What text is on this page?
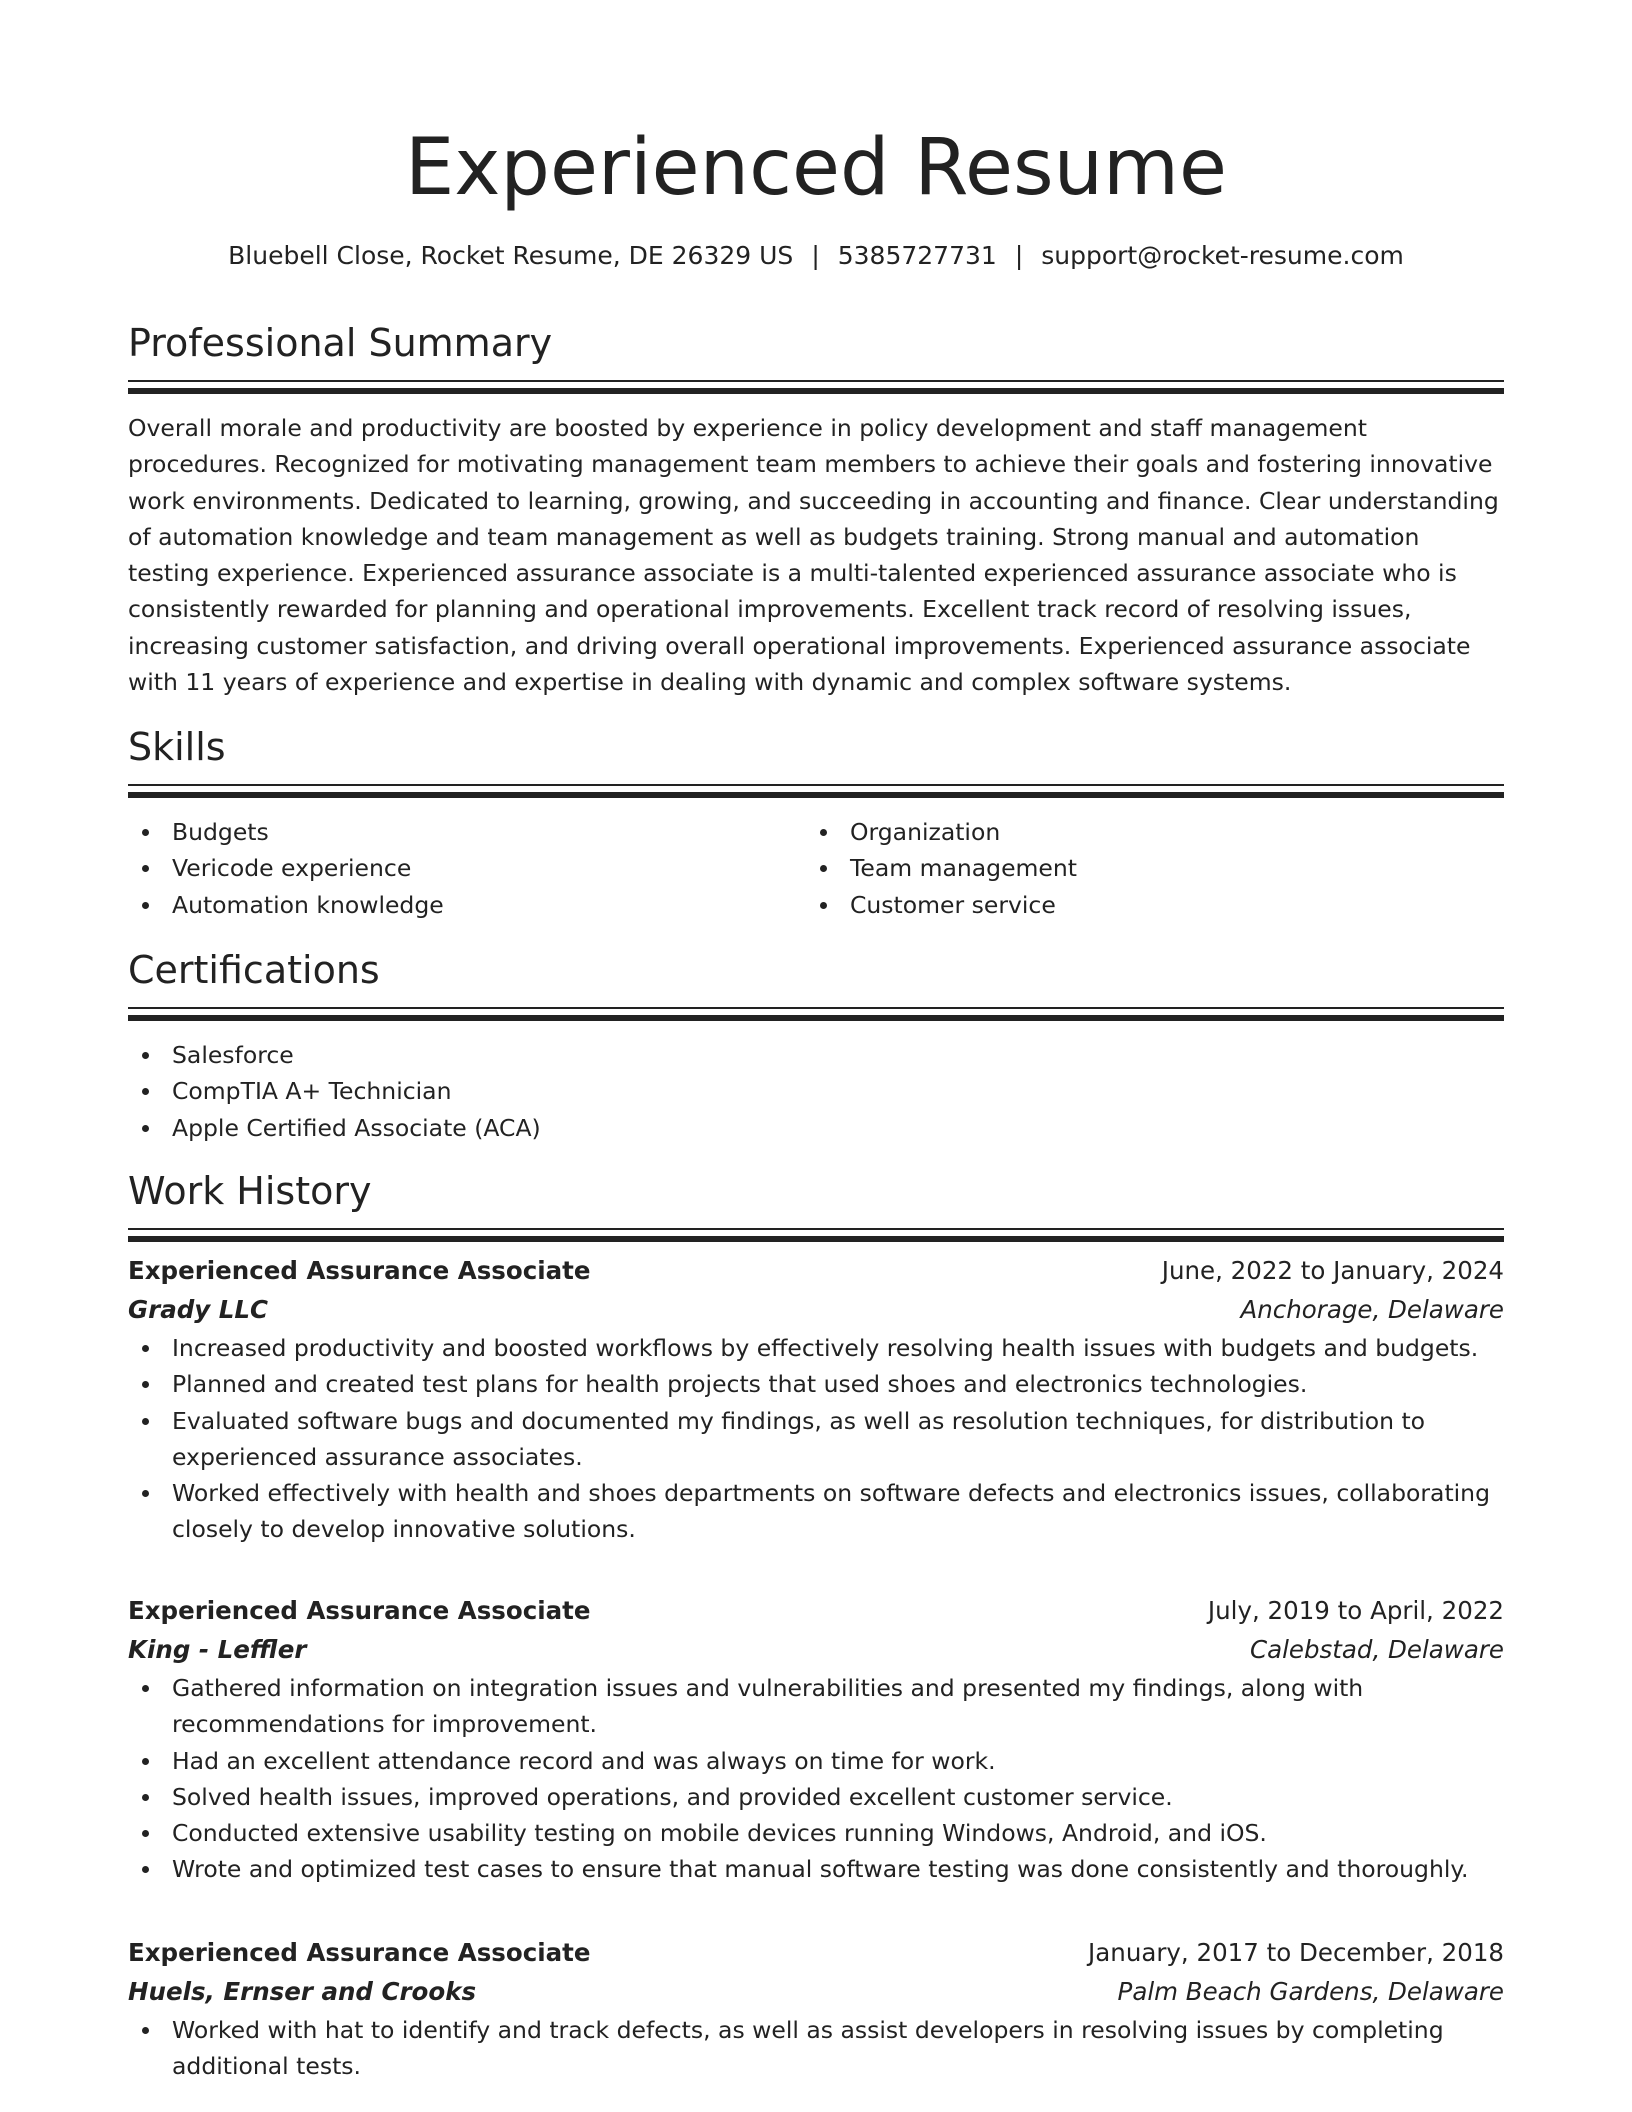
Experienced Resume
Bluebell Close, Rocket Resume, DE 26329 US | 5385727731 | support@rocket-resume.com
Professional Summary
Overall morale and productivity are boosted by experience in policy development and staff management procedures. Recognized for motivating management team members to achieve their goals and fostering innovative work environments. Dedicated to learning, growing, and succeeding in accounting and finance. Clear understanding of automation knowledge and team management as well as budgets training. Strong manual and automation testing experience. Experienced assurance associate is a multi-talented experienced assurance associate who is consistently rewarded for planning and operational improvements. Excellent track record of resolving issues, increasing customer satisfaction, and driving overall operational improvements. Experienced assurance associate with 11 years of experience and expertise in dealing with dynamic and complex software systems.
Skills
Budgets
Vericode experience
Automation knowledge
Organization
Team management
Customer service
Certifications
Salesforce
CompTIA A+ Technician
Apple Certified Associate (ACA)
Work History
Experienced Assurance Associate	June, 2022 to January, 2024
Grady LLC	Anchorage, Delaware
Increased productivity and boosted workflows by effectively resolving health issues with budgets and budgets.
Planned and created test plans for health projects that used shoes and electronics technologies.
Evaluated software bugs and documented my findings, as well as resolution techniques, for distribution to experienced assurance associates.
Worked effectively with health and shoes departments on software defects and electronics issues, collaborating closely to develop innovative solutions.
Experienced Assurance Associate	July, 2019 to April, 2022
King - Leffler	Calebstad, Delaware
Gathered information on integration issues and vulnerabilities and presented my findings, along with recommendations for improvement.
Had an excellent attendance record and was always on time for work.
Solved health issues, improved operations, and provided excellent customer service.
Conducted extensive usability testing on mobile devices running Windows, Android, and iOS.
Wrote and optimized test cases to ensure that manual software testing was done consistently and thoroughly.
Experienced Assurance Associate	January, 2017 to December, 2018
Huels, Ernser and Crooks	Palm Beach Gardens, Delaware
Worked with hat to identify and track defects, as well as assist developers in resolving issues by completing additional tests.
